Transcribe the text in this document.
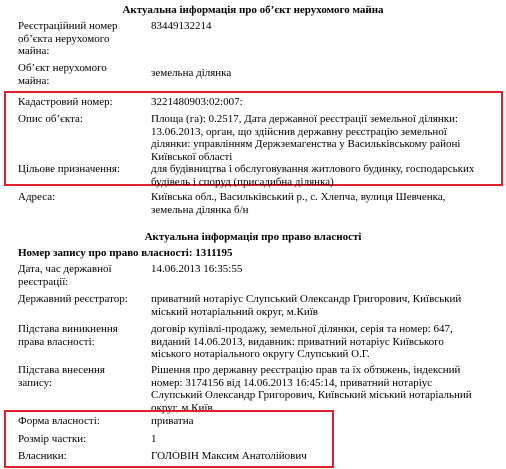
Актуальна інформація про об’єкт нерухомого майна
Реєстраційний номер
об’єкта нерухомого
майна:
83449132214
Об’єкт нерухомого
майна:
земельна ділянка
Кадастровий номер:	3221480903:02:007:
Опис об’єкта:	Площа (га): 0.2517, Дата державної реєстрації земельної ділянки:
13.06.2013, орган, що здійснив державну реєстрацію земельної
ділянки: управлінням Держземагенства у Васильківському районі
Київської області
Цільове призначення:	для будівництва і обслуговування житлового будинку, господарських
будівель і споруд (присадибна ділянка)
Адреса:	Київська обл., Васильківський р., с. Хлепча, вулиця Шевченка,
земельна ділянка б/н
Актуальна інформація про право власності
Номер запису про право власності: 1311195
Дата, час державної
реєстрації:
14.06.2013 16:35:55
Державний реєстратор:	приватний нотаріус Слупський Олександр Григорович, Київський
міський нотаріальний округ, м.Київ
Підстава виникнення
права власності:
договір купівлі-продажу, земельної ділянки, серія та номер: 647,
виданий 14.06.2013, видавник: приватний нотаріус Київського
міського нотаріального округу Слупський О.Г.
Підстава внесення
запису:
Рішення про державну реєстрацію прав та їх обтяжень, індексний
номер: 3174156 від 14.06.2013 16:45:14, приватний нотаріус
Слупський Олександр Григорович, Київський міський нотаріальний
округ, м.Київ
Форма власності:	приватна
Розмір частки:	1
Власники:	ГОЛОВІН Максим Анатолійович
